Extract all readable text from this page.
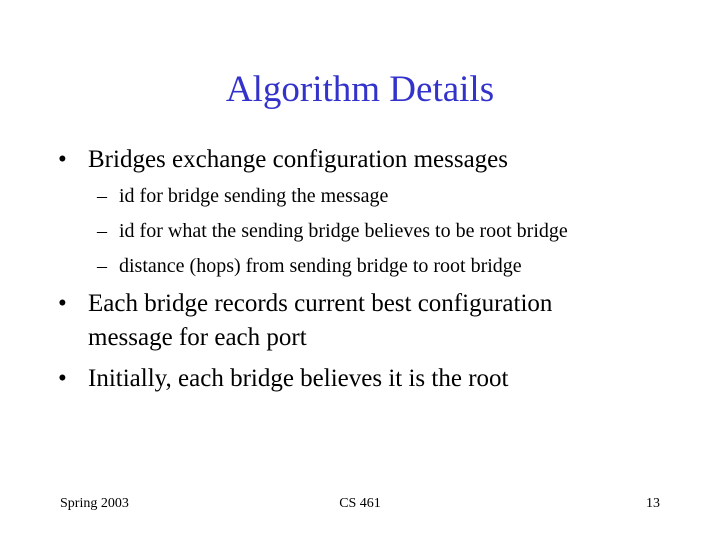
Algorithm Details
• Bridges exchange configuration messages
– id for bridge sending the message
– id for what the sending bridge believes to be root bridge
– distance (hops) from sending bridge to root bridge
• Each bridge records current best configuration
message for each port
• Initially, each bridge believes it is the root
Spring 2003	CS 461	13
